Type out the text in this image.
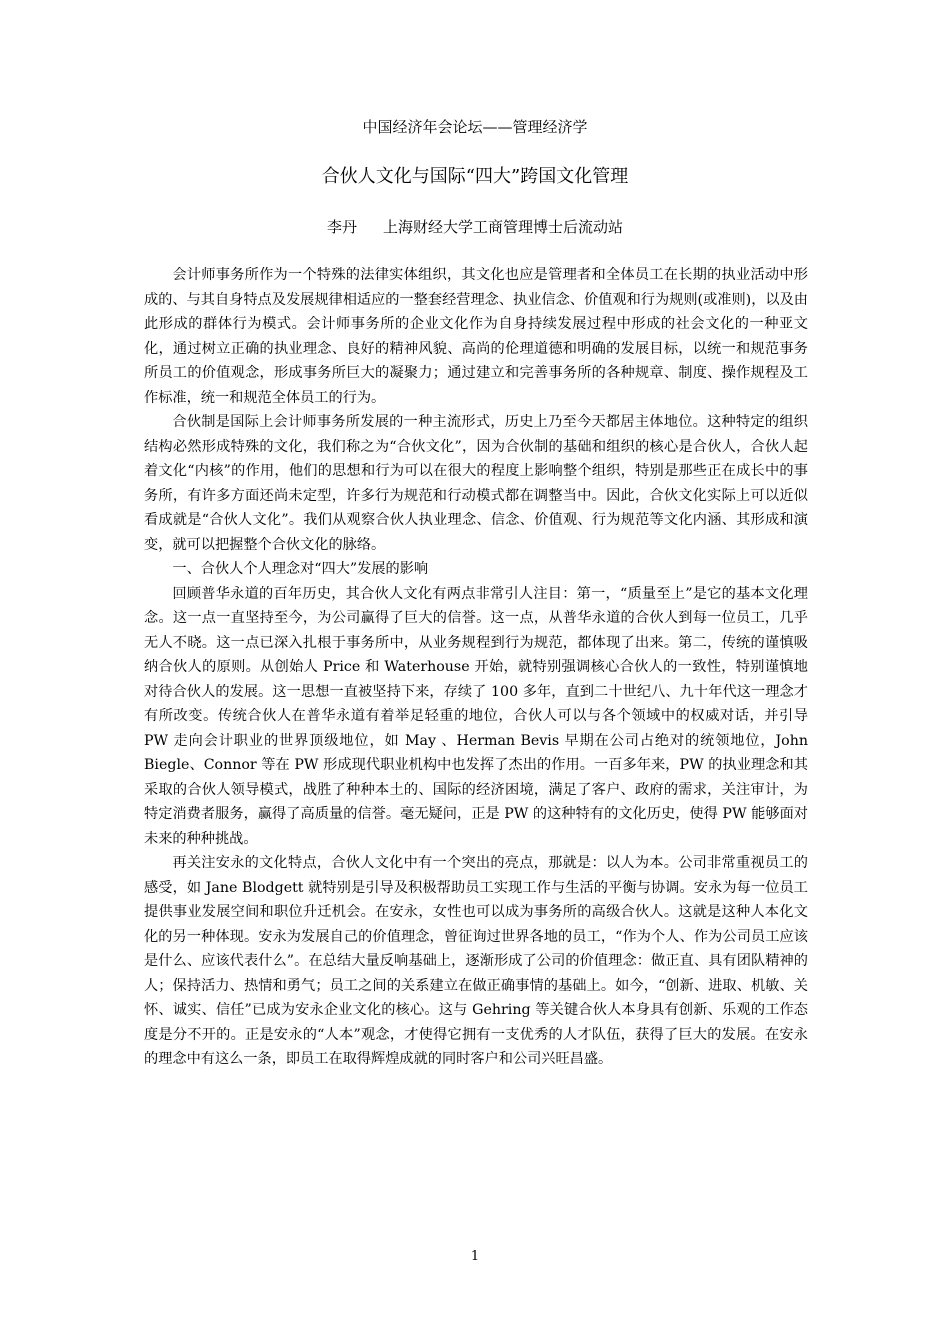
中国经济年会论坛——管理经济学
合伙人文化与国际“四大”跨国文化管理
李丹 上海财经大学工商管理博士后流动站

会计师事务所作为一个特殊的法律实体组织，其文化也应是管理者和全体员工在长期的执业活动中形成的、与其自身特点及发展规律相适应的一整套经营理念、执业信念、价值观和行为规则(或准则)，以及由此形成的群体行为模式。会计师事务所的企业文化作为自身持续发展过程中形成的社会文化的一种亚文化，通过树立正确的执业理念、良好的精神风貌、高尚的伦理道德和明确的发展目标，以统一和规范事务所员工的价值观念，形成事务所巨大的凝聚力；通过建立和完善事务所的各种规章、制度、操作规程及工作标准，统一和规范全体员工的行为。

合伙制是国际上会计师事务所发展的一种主流形式，历史上乃至今天都居主体地位。这种特定的组织结构必然形成特殊的文化，我们称之为“合伙文化”，因为合伙制的基础和组织的核心是合伙人，合伙人起着文化“内核”的作用，他们的思想和行为可以在很大的程度上影响整个组织，特别是那些正在成长中的事务所，有许多方面还尚未定型，许多行为规范和行动模式都在调整当中。因此，合伙文化实际上可以近似看成就是“合伙人文化”。我们从观察合伙人执业理念、信念、价值观、行为规范等文化内涵、其形成和演变，就可以把握整个合伙文化的脉络。

一、合伙人个人理念对“四大”发展的影响

回顾普华永道的百年历史，其合伙人文化有两点非常引人注目：第一，“质量至上”是它的基本文化理念。这一点一直坚持至今，为公司赢得了巨大的信誉。这一点，从普华永道的合伙人到每一位员工，几乎无人不晓。这一点已深入扎根于事务所中，从业务规程到行为规范，都体现了出来。第二，传统的谨慎吸纳合伙人的原则。从创始人 Price 和 Waterhouse 开始，就特别强调核心合伙人的一致性，特别谨慎地对待合伙人的发展。这一思想一直被坚持下来，存续了 100 多年，直到二十世纪八、九十年代这一理念才有所改变。传统合伙人在普华永道有着举足轻重的地位，合伙人可以与各个领域中的权威对话，并引导 PW 走向会计职业的世界顶级地位，如 May 、Herman Bevis 早期在公司占绝对的统领地位，John Biegle、Connor 等在 PW 形成现代职业机构中也发挥了杰出的作用。一百多年来，PW 的执业理念和其采取的合伙人领导模式，战胜了种种本土的、国际的经济困境，满足了客户、政府的需求，关注审计，为特定消费者服务，赢得了高质量的信誉。毫无疑问，正是 PW 的这种特有的文化历史，使得 PW 能够面对未来的种种挑战。

再关注安永的文化特点，合伙人文化中有一个突出的亮点，那就是：以人为本。公司非常重视员工的感受，如 Jane Blodgett 就特别是引导及积极帮助员工实现工作与生活的平衡与协调。安永为每一位员工提供事业发展空间和职位升迁机会。在安永，女性也可以成为事务所的高级合伙人。这就是这种人本化文化的另一种体现。安永为发展自己的价值理念，曾征询过世界各地的员工，“作为个人、作为公司员工应该是什么、应该代表什么”。在总结大量反响基础上，逐渐形成了公司的价值理念：做正直、具有团队精神的人；保持活力、热情和勇气；员工之间的关系建立在做正确事情的基础上。如今，“创新、进取、机敏、关怀、诚实、信任”已成为安永企业文化的核心。这与 Gehring 等关键合伙人本身具有创新、乐观的工作态度是分不开的。正是安永的“人本”观念，才使得它拥有一支优秀的人才队伍，获得了巨大的发展。在安永的理念中有这么一条，即员工在取得辉煌成就的同时客户和公司兴旺昌盛。

1
